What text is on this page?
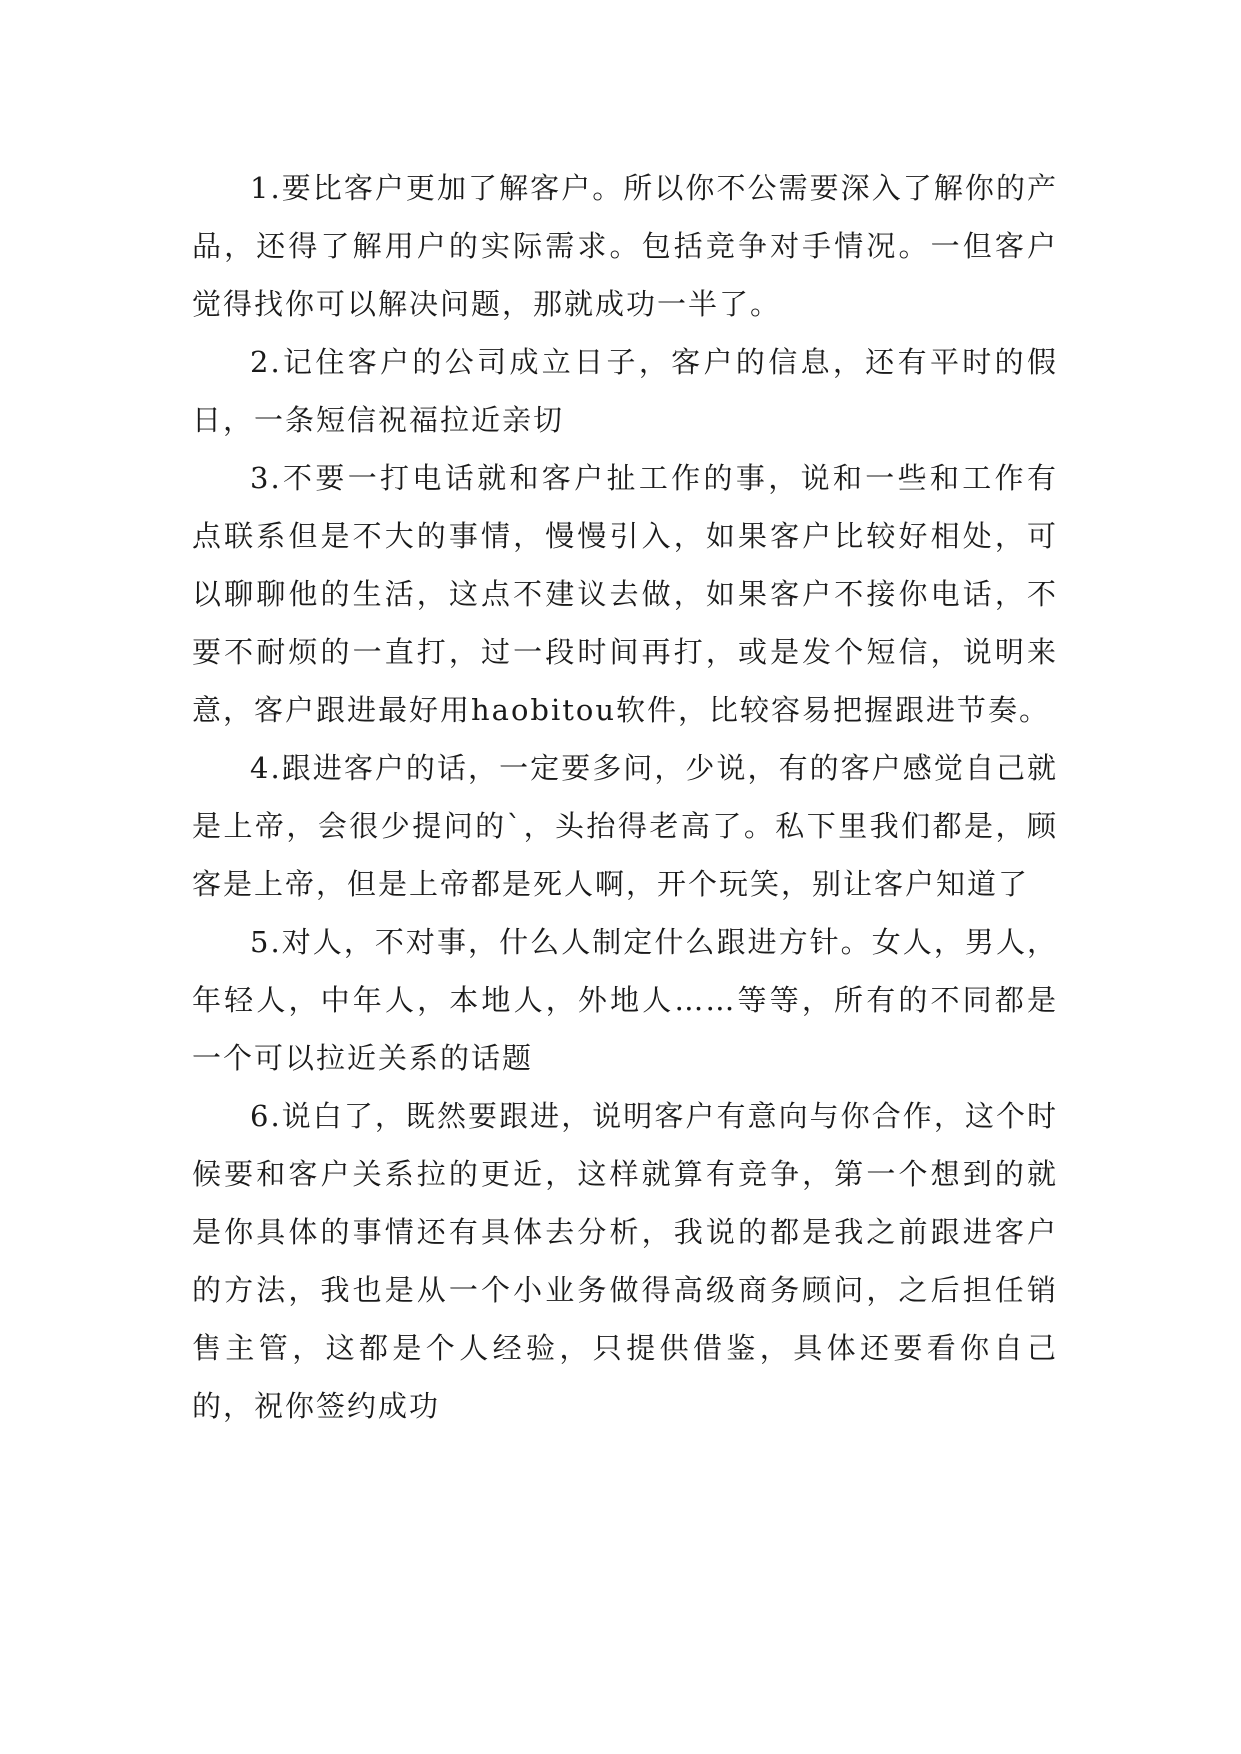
1.要比客户更加了解客户。所以你不公需要深入了解你的产品，还得了解用户的实际需求。包括竞争对手情况。一但客户觉得找你可以解决问题，那就成功一半了。

2.记住客户的公司成立日子，客户的信息，还有平时的假日，一条短信祝福拉近亲切

3.不要一打电话就和客户扯工作的事，说和一些和工作有 点联系但是不大的事情，慢慢引入，如果客户比较好相处，可以聊聊他的生活，这点不建议去做，如果客户不接你电话，不要不耐烦的一直打，过一段时间再打，或是发个短信，说明来意，客户跟进最好用haobitou软件，比较容易把握跟进节奏。

4.跟进客户的话，一定要多问，少说，有的客户感觉自己就是上帝，会很少提问的`，头抬得老高了。私下里我们都是，顾客是上帝，但是上帝都是死人啊，开个玩笑，别让客户知道了

5.对人，不对事，什么人制定什么跟进方针。女人，男人，年轻人，中年人，本地人，外地人……等等，所有的不同都是一个可以拉近关系的话题

6.说白了，既然要跟进，说明客户有意向与你合作，这个时候要和客户关系拉的更近，这样就算有竞争，第一个想到的就是你具体的事情还有具体去分析，我说的都是我之前跟进客户的方法，我也是从一个小业务做得高级商务顾问，之后担任销售主管，这都是个人经验，只提供借鉴，具体还要看你自己的，祝你签约成功
